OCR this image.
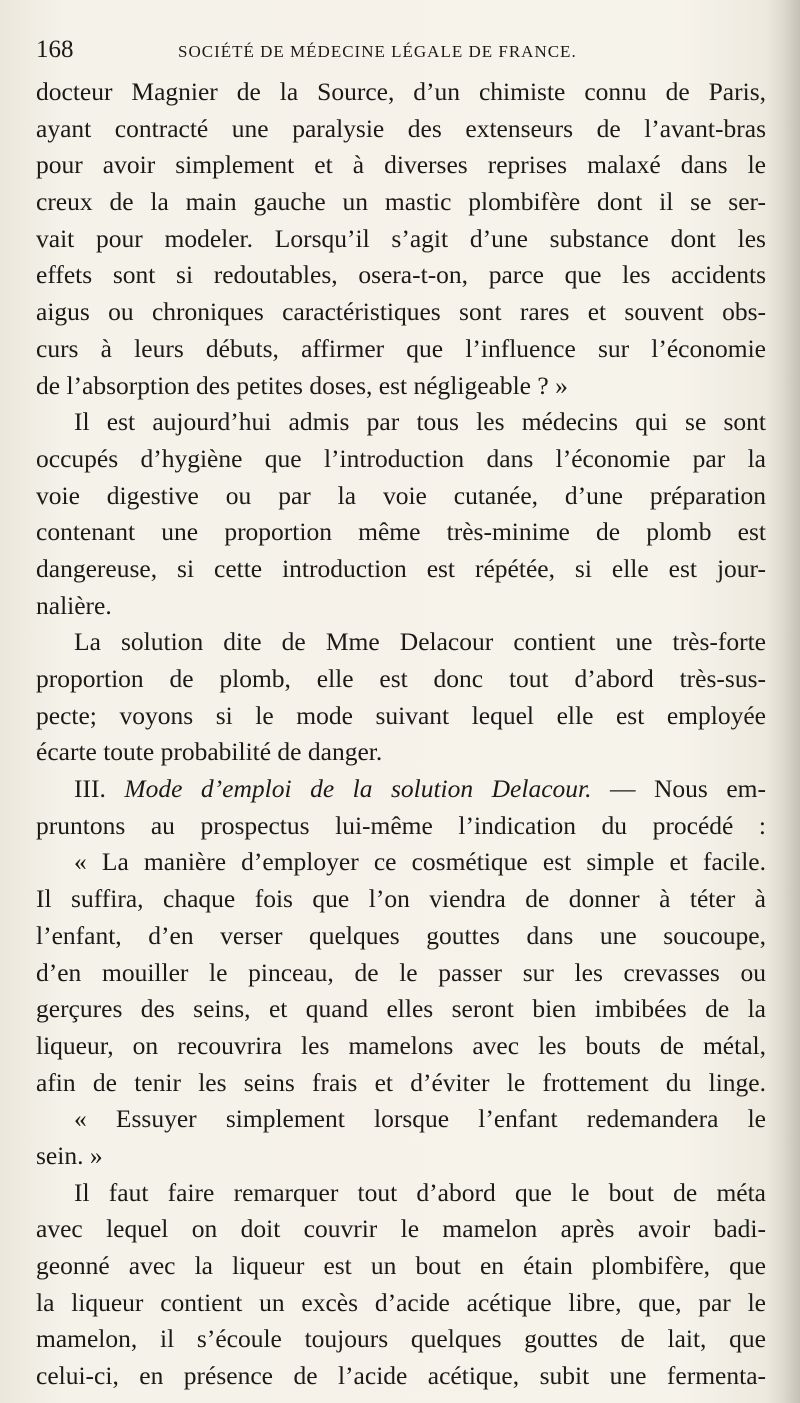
168	SOCIÉTÉ DE MÉDECINE LÉGALE DE FRANCE.
docteur Magnier de la Source, d’un chimiste connu de Paris,
ayant contracté une paralysie des extenseurs de l’avant-bras
pour avoir simplement et à diverses reprises malaxé dans le
creux de la main gauche un mastic plombifère dont il se ser-
vait pour modeler. Lorsqu’il s’agit d’une substance dont les
effets sont si redoutables, osera-t-on, parce que les accidents
aigus ou chroniques caractéristiques sont rares et souvent obs-
curs à leurs débuts, affirmer que l’influence sur l’économie
de l’absorption des petites doses, est négligeable ? »
Il est aujourd’hui admis par tous les médecins qui se sont
occupés d’hygiène que l’introduction dans l’économie par la
voie digestive ou par la voie cutanée, d’une préparation
contenant une proportion même très-minime de plomb est
dangereuse, si cette introduction est répétée, si elle est jour-
nalière.
La solution dite de Mme Delacour contient une très-forte
proportion de plomb, elle est donc tout d’abord très-sus-
pecte; voyons si le mode suivant lequel elle est employée
écarte toute probabilité de danger.
III. Mode d’emploi de la solution Delacour. — Nous em-
pruntons au prospectus lui-même l’indication du procédé :
« La manière d’employer ce cosmétique est simple et facile.
Il suffira, chaque fois que l’on viendra de donner à téter à
l’enfant, d’en verser quelques gouttes dans une soucoupe,
d’en mouiller le pinceau, de le passer sur les crevasses ou
gerçures des seins, et quand elles seront bien imbibées de la
liqueur, on recouvrira les mamelons avec les bouts de métal,
afin de tenir les seins frais et d’éviter le frottement du linge.
« Essuyer simplement lorsque l’enfant redemandera le
sein. »
Il faut faire remarquer tout d’abord que le bout de méta
avec lequel on doit couvrir le mamelon après avoir badi-
geonné avec la liqueur est un bout en étain plombifère, que
la liqueur contient un excès d’acide acétique libre, que, par le
mamelon, il s’écoule toujours quelques gouttes de lait, que
celui-ci, en présence de l’acide acétique, subit une fermenta-
